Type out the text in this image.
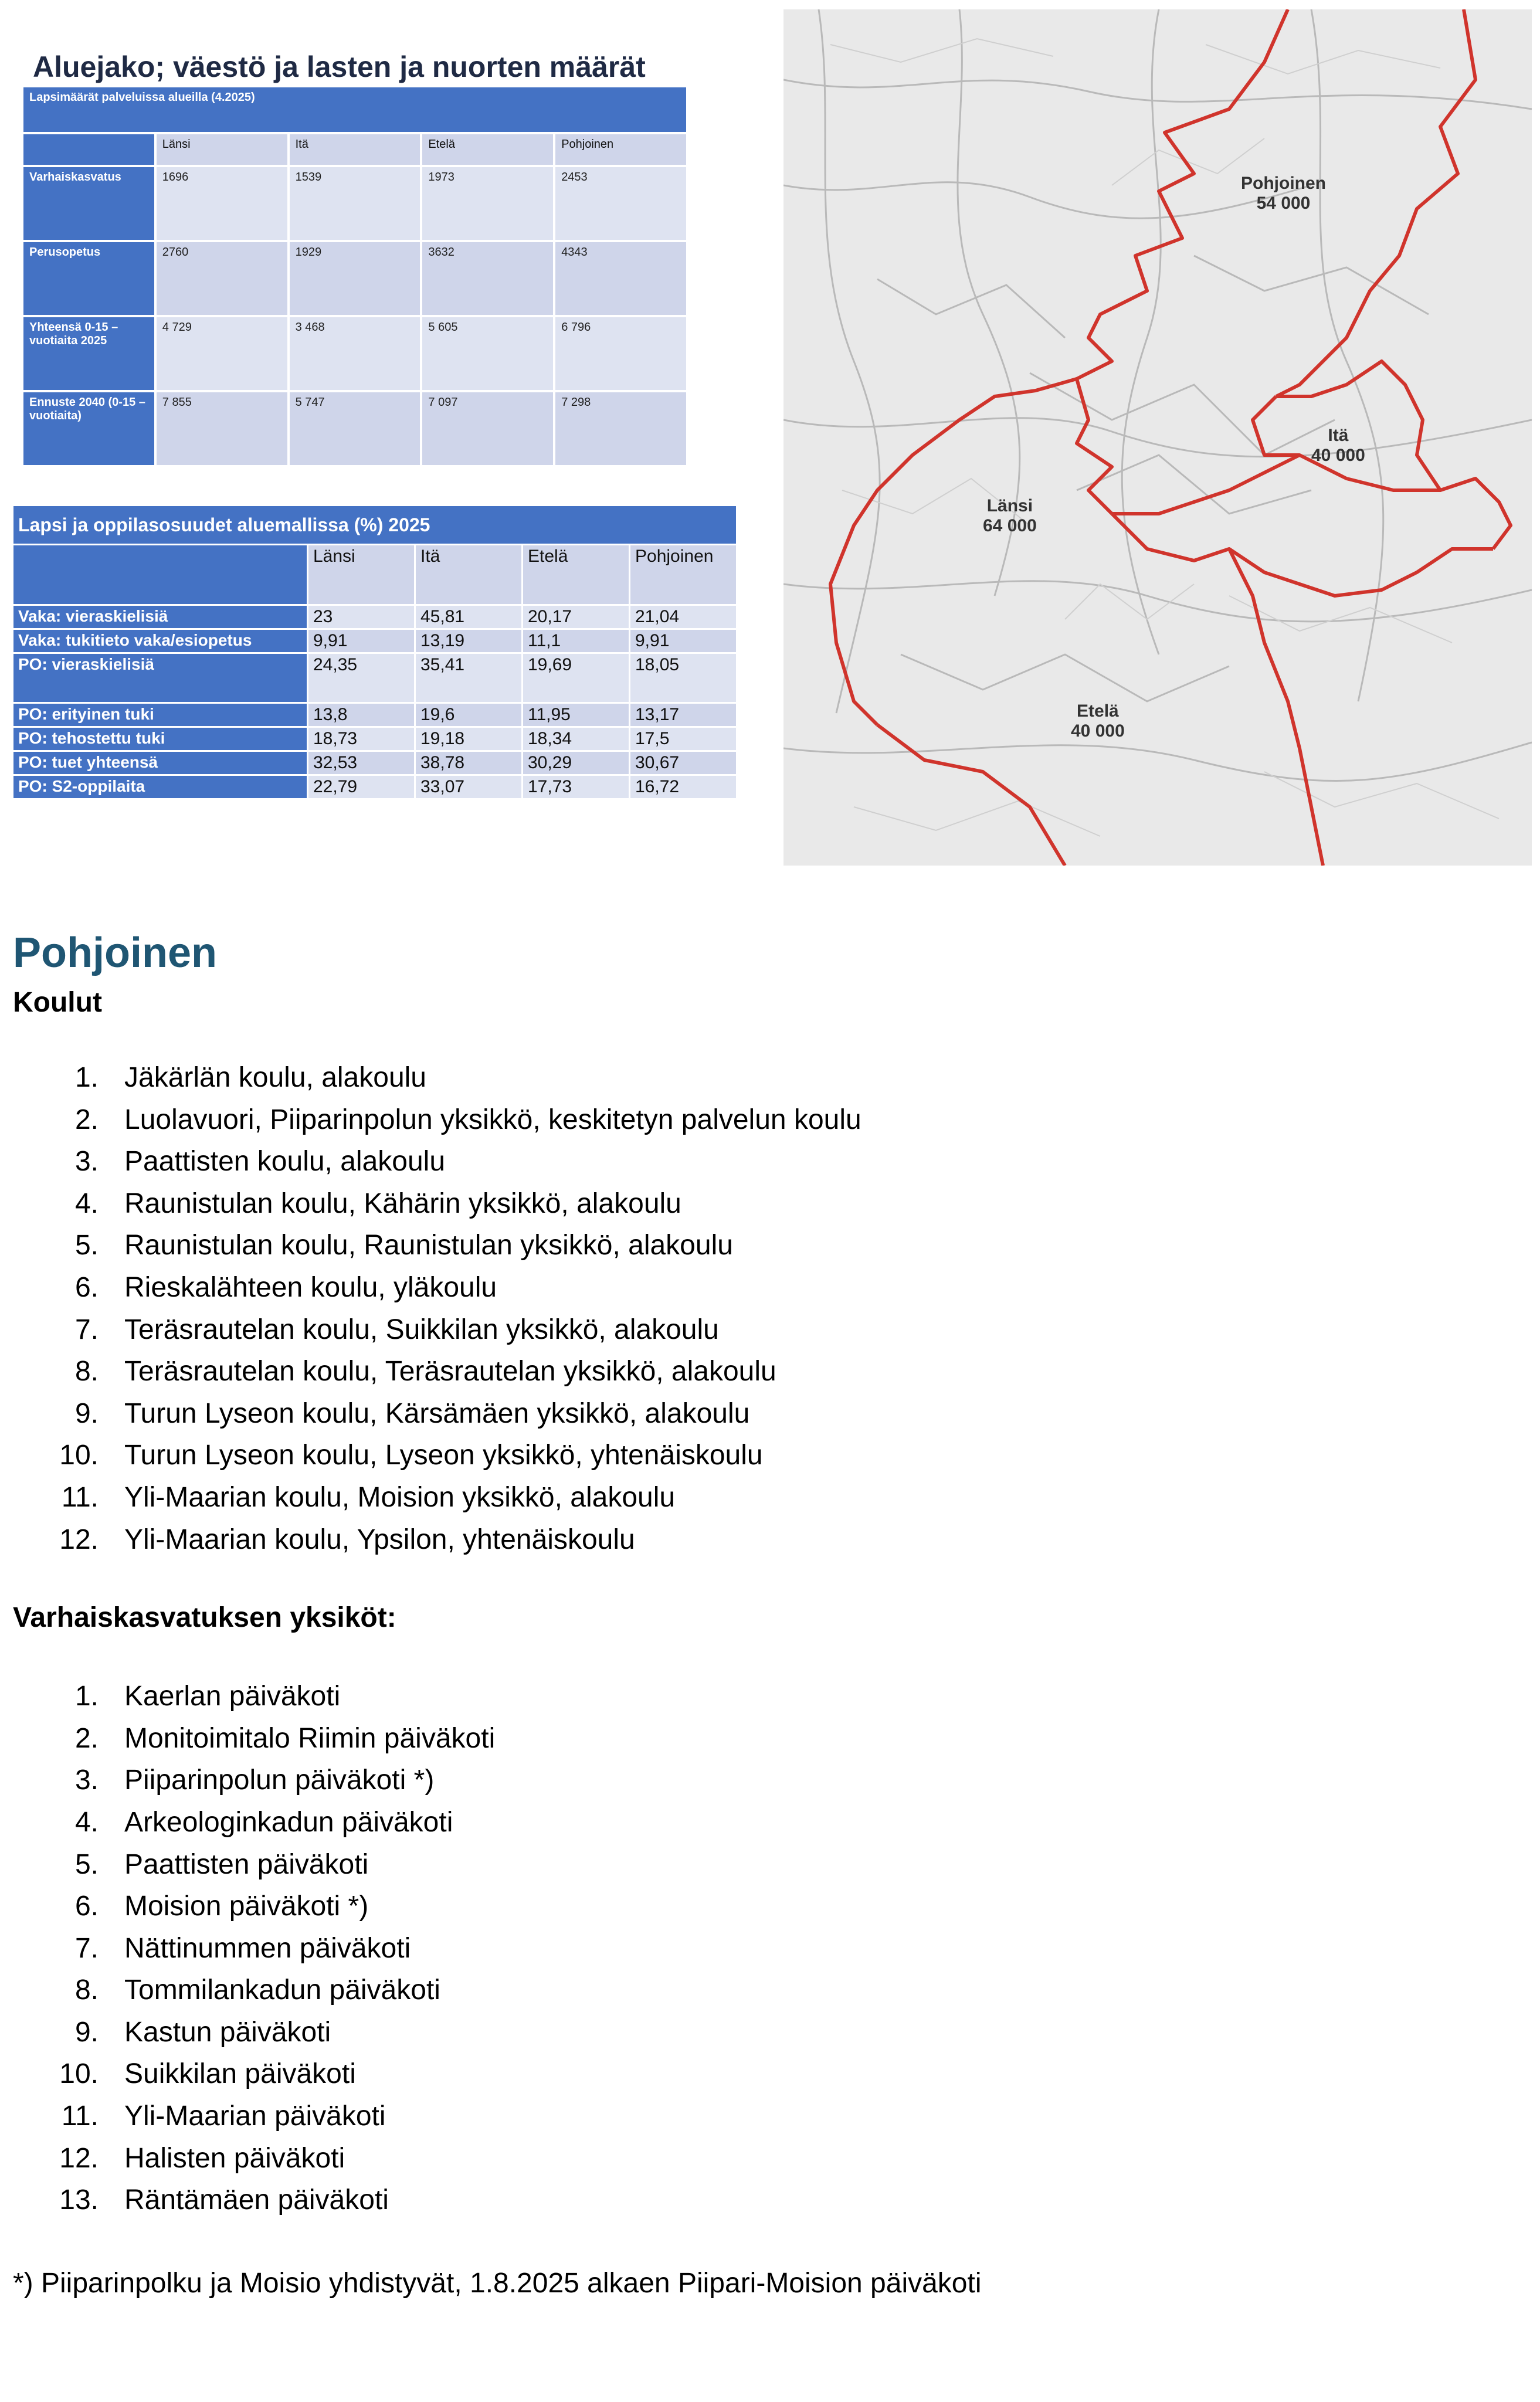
Aluejako; väestö ja lasten ja nuorten määrät
Lapsimäärät palveluissa alueilla (4.2025)				
	Länsi	Itä	Etelä	Pohjoinen
Varhaiskasvatus	1696	1539	1973	2453
Perusopetus	2760	1929	3632	4343
Yhteensä 0-15 –vuotiaita 2025	4 729	3 468	5 605	6 796
Ennuste 2040 (0-15 –vuotiaita)	7 855	5 747	7 097	7 298
Lapsi ja oppilasosuudet aluemallissa (%) 2025				
	Länsi	Itä	Etelä	Pohjoinen
Vaka: vieraskielisiä	23	45,81	20,17	21,04
Vaka: tukitieto vaka/esiopetus	9,91	13,19	11,1	9,91
PO: vieraskielisiä	24,35	35,41	19,69	18,05
PO: erityinen tuki	13,8	19,6	11,95	13,17
PO: tehostettu tuki	18,73	19,18	18,34	17,5
PO: tuet yhteensä	32,53	38,78	30,29	30,67
PO: S2-oppilaita	22,79	33,07	17,73	16,72
Pohjoinen
54 000
Itä
40 000
Länsi
64 000
Etelä
40 000
Pohjoinen

Koulut

1. Jäkärlän koulu, alakoulu
2. Luolavuori, Piiparinpolun yksikkö, keskitetyn palvelun koulu
3. Paattisten koulu, alakoulu
4. Raunistulan koulu, Kähärin yksikkö, alakoulu
5. Raunistulan koulu, Raunistulan yksikkö, alakoulu
6. Rieskalähteen koulu, yläkoulu
7. Teräsrautelan koulu, Suikkilan yksikkö, alakoulu
8. Teräsrautelan koulu, Teräsrautelan yksikkö, alakoulu
9. Turun Lyseon koulu, Kärsämäen yksikkö, alakoulu
10. Turun Lyseon koulu, Lyseon yksikkö, yhtenäiskoulu
11. Yli-Maarian koulu, Moision yksikkö, alakoulu
12. Yli-Maarian koulu, Ypsilon, yhtenäiskoulu

Varhaiskasvatuksen yksiköt:

1. Kaerlan päiväkoti
2. Monitoimitalo Riimin päiväkoti
3. Piiparinpolun päiväkoti *)
4. Arkeologinkadun päiväkoti
5. Paattisten päiväkoti
6. Moision päiväkoti *)
7. Nättinummen päiväkoti
8. Tommilankadun päiväkoti
9. Kastun päiväkoti
10. Suikkilan päiväkoti
11. Yli-Maarian päiväkoti
12. Halisten päiväkoti
13. Räntämäen päiväkoti

*) Piiparinpolku ja Moisio yhdistyvät, 1.8.2025 alkaen Piipari-Moision päiväkoti
